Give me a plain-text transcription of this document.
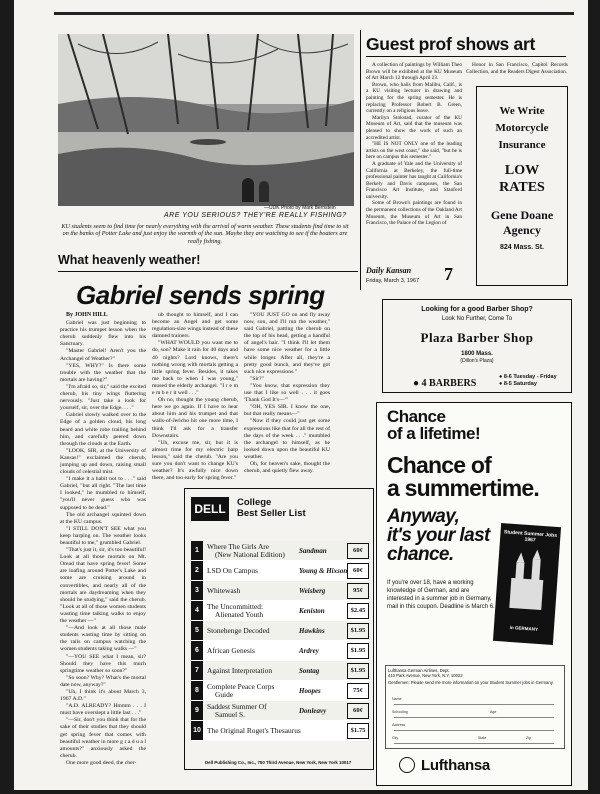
—UDK Photo by Mark Bernstein
ARE YOU SERIOUS? THEY'RE REALLY FISHING?
KU students seem to find time for nearly everything with the arrival of warm weather. These students find time to sit on the banks of Potter Lake and just enjoy the warmth of the sun. Maybe they are watching to see if the boaters are really fishing.
What heavenly weather!
Gabriel sends spring

By JOHN HILL

Gabriel was just beginning to practice his trumpet lesson when the cherub suddenly flew into his Sanctuary.

"Master Gabriel! Aren't you the Archangel of Weather?"

"YES, WHY?" Is there some trouble with the weather that the mortals are having?"

"I'm afraid so, sir," said the excited cherub, his tiny wings fluttering nervously. "Just take a look for yourself, sir, over the Edge. . . ."

Gabriel slowly walked over to the Edge of a golden cloud, his long beard and white robe trailing behind him, and carefully peered down through the clouds at the Earth.

"LOOK, SIR, at the University of Kansas!" exclaimed the cherub, jumping up and down, raising small clouds of celestial mist.

"I make it a habit not to . . ." said Gabriel, "but all right. "The last time I looked," he mumbled to himself, "you'll never guess who was supposed to be dead."

The old archangel squinted down at the KU campus.

"I STILL DON'T SEE what you keep harping on. The weather looks beautiful to me," grumbled Gabriel.

"That's just it, sir, it's too beautiful! Look at all those mortals on Mt. Oread that have spring fever! Some are loafing around Potter's Lake and some are cruising around in convertibles, and nearly all of the mortals are daydreaming when they should be studying," said the cherub. "Look at all of those women students wasting time talking walks to enjoy the weather —"

"—And look at all those male students wasting time by sitting on the rails on campus watching the women students taking walks —"

"—YOU SEE what I mean, sir? Should they have this much springtime weather so soon?"

"So soon? Why? What's the mortal date now, anyway?"

"Uh, I think it's about March 3, 1967 A.D."

"A.D. ALREADY? Hmmm . . . I must have overslept a little last . . ."

"—Sir, don't you think that for the sake of their studies that they should get spring fever that comes with beautiful weather in more g r a d u a l amounts?" anxiously asked the cherub.

One more good deed, the cher-

ub thought to himself, and I can become an Angel and get some regulation-size wings instead of these damned trainers.

"WHAT WOULD you want me to do, son? Make it rain for 40 days and 40 nights? Lord knows, there's nothing wrong with mortals getting a little spring fever. Besides, it takes me back to when I was young," mused the elderly archangel. "I r e m e m b e r it well . . ."

Oh no, thought the young cherub, here we go again. If I have to hear about him and his trumpet and that walls-of-Jericho hit one more time, I think I'll ask for a transfer Downstairs.

"Uh, excuse me, sir, but it is almost time for my electric harp lesson," said the cherub. "Are you sure you don't want to change KU's weather? It's awfully nice down there, and too early for spring fever."

"YOU JUST GO on and fly away now, son, and I'll run the weather," said Gabriel, patting the cherub on the top of his head, getting a handful of angel's hair. "I think I'll let them have some nice weather for a little while longer. After all, they're a pretty good bunch, and they've got such nice expressions."

"Sir?"

"You know, that expression they use that I like so well . . . it goes 'Thank God It's—'"

"OH, YES SIR. I know the one, but that really means—"

"Now if they could just get some expressions like that for all the rest of the days of the week . . ." mumbled the archangel to himself, as he looked down upon the beautiful KU weather.

Oh, for heaven's sake, thought the cherub, and quietly flew away.

Guest prof shows art

A collection of paintings by William Theo Brown will be exhibited at the KU Museum of Art March 12 through April 23.

Brown, who hails from Malibu, Calif., is a KU visiting lecturer in drawing and painting for the spring semester. He is replacing Professor Robert B. Green, currently on a religious leave.

Marilyn Stokstad, curator of the KU Museum of Art, said that the museum was pleased to show the work of such an accredited artist.

"HE IS NOT ONLY one of the leading artists on the west coast," she said, "but he is here on campus this semester."

A graduate of Yale and the University of California at Berkeley, the full-time professional painter has taught at California's Berkely and Davis campuses, the San Francisco Art Institute, and Stanford university.

Some of Brown's paintings are found in the permanent collections of the Oakland Art Museum, the Museum of Art in San Francisco, the Palace of the Legion of

Honor in San Francisco, Capitol Records Collection, and the Readers Digest Association.

We Write
Motorcycle
Insurance
LOW
RATES
Gene Doane
Agency
824 Mass. St.
Daily Kansan
Friday, March 3, 1967 7
Looking for a good Barber Shop?
Look No Further, Come To
Plaza Barber Shop
1800 Mass.
(Dillon's Plaza)
● 4 BARBERS
● 8-6 Tuesday - Friday
● 8-5 Saturday
Chance
of a lifetime!
Chance of
a summertime.
Anyway,
it's your last
chance.
Student Summer Jobs 1967
in GERMANY
If you're over 18, have a working knowledge of German, and are interested in a summer job in Germany, mail in this coupon. Deadline is March 6.
Lufthansa German Airlines, Dept.
410 Park Avenue, New York, N.Y. 10022
Gentlemen: Please send me more information on your Student Summer jobs in Germany.
Name
Schooling	Age
Address
City	State	Zip
Lufthansa
DELL	College
Best Seller List
1	Where The Girls Are
(New National Edition)	Sandman	60¢
2	LSD On Campus	Young & Hixson 60¢
3	Whitewash	Weisberg	95¢
4	The Uncommitted:
Alienated Youth	Keniston	$2.45
5	Stonehenge Decoded	Hawkins	$1.95
6	African Genesis	Ardrey	$1.95
7	Against Interpretation	Sontag	$1.95
8	Complete Peace Corps
Guide	Hoopes	75¢
9	Saddest Summer Of
Samuel S.	Donleavy	60¢
10 The Original Roget's Thesaurus	$1.75
Dell Publishing Co., Inc., 750 Third Avenue, New York, New York 10017
